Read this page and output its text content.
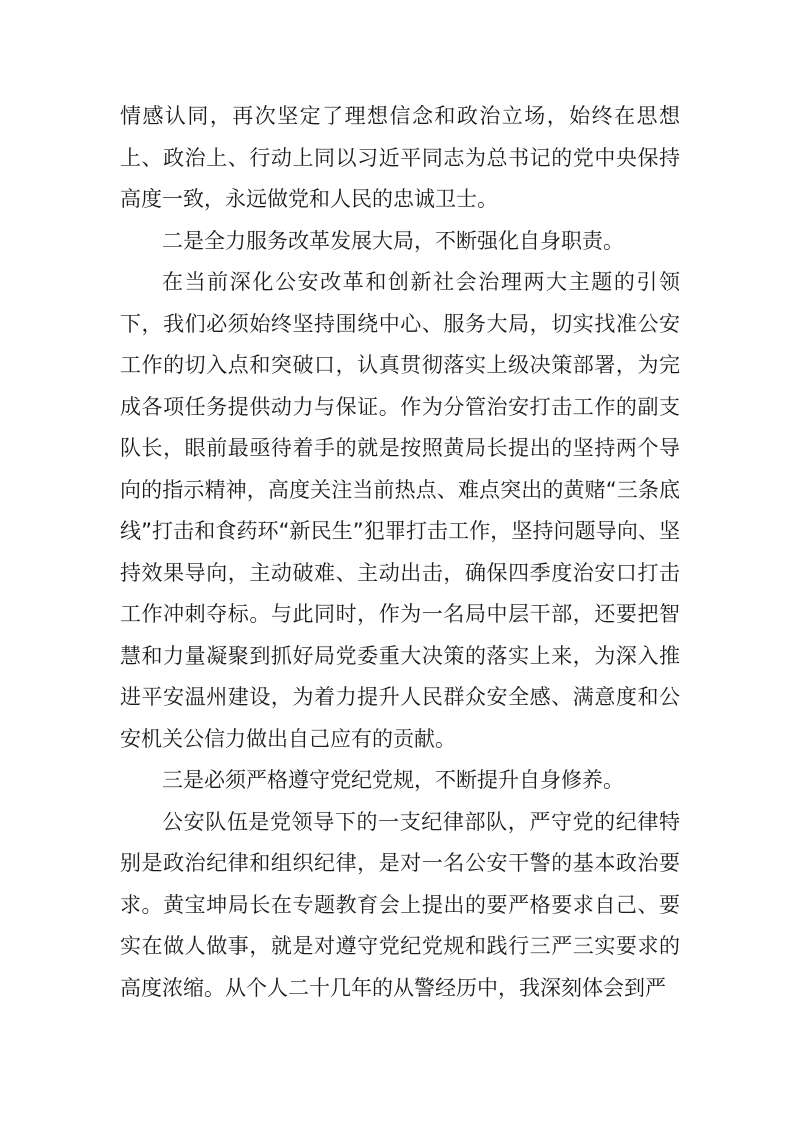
情感认同，再次坚定了理想信念和政治立场，始终在思想上、政治上、行动上同以习近平同志为总书记的党中央保持高度一致，永远做党和人民的忠诚卫士。

二是全力服务改革发展大局，不断强化自身职责。

在当前深化公安改革和创新社会治理两大主题的引领下，我们必须始终坚持围绕中心、服务大局，切实找准公安工作的切入点和突破口，认真贯彻落实上级决策部署，为完成各项任务提供动力与保证。作为分管治安打击工作的副支队长，眼前最亟待着手的就是按照黄局长提出的坚持两个导向的指示精神，高度关注当前热点、难点突出的黄赌“三条底线”打击和食药环“新民生”犯罪打击工作，坚持问题导向、坚持效果导向，主动破难、主动出击，确保四季度治安口打击工作冲刺夺标。与此同时，作为一名局中层干部，还要把智慧和力量凝聚到抓好局党委重大决策的落实上来，为深入推进平安温州建设，为着力提升人民群众安全感、满意度和公安机关公信力做出自己应有的贡献。

三是必须严格遵守党纪党规，不断提升自身修养。

公安队伍是党领导下的一支纪律部队，严守党的纪律特别是政治纪律和组织纪律，是对一名公安干警的基本政治要求。黄宝坤局长在专题教育会上提出的要严格要求自己、要实在做人做事，就是对遵守党纪党规和践行三严三实要求的高度浓缩。从个人二十几年的从警经历中，我深刻体会到严
